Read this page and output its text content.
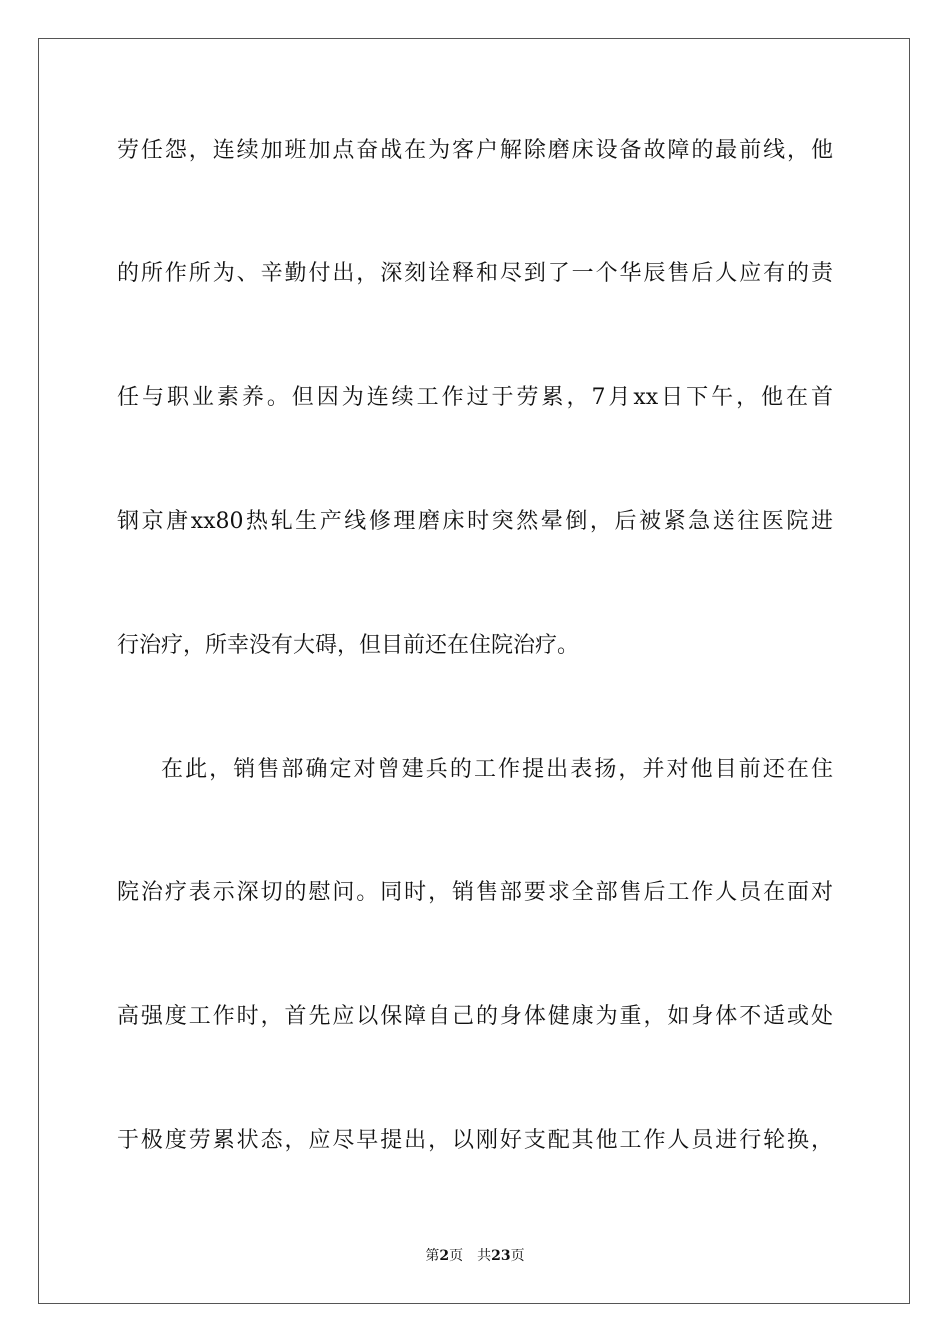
劳任怨，连续加班加点奋战在为客户解除磨床设备故障的最前线，他
的所作所为、辛勤付出，深刻诠释和尽到了一个华辰售后人应有的责
任与职业素养。但因为连续工作过于劳累，7月xx日下午，他在首
钢京唐xx80热轧生产线修理磨床时突然晕倒，后被紧急送往医院进
行治疗，所幸没有大碍，但目前还在住院治疗。
在此，销售部确定对曾建兵的工作提出表扬，并对他目前还在住
院治疗表示深切的慰问。同时，销售部要求全部售后工作人员在面对
高强度工作时，首先应以保障自己的身体健康为重，如身体不适或处
于极度劳累状态，应尽早提出，以刚好支配其他工作人员进行轮换，
第2页 共23页
